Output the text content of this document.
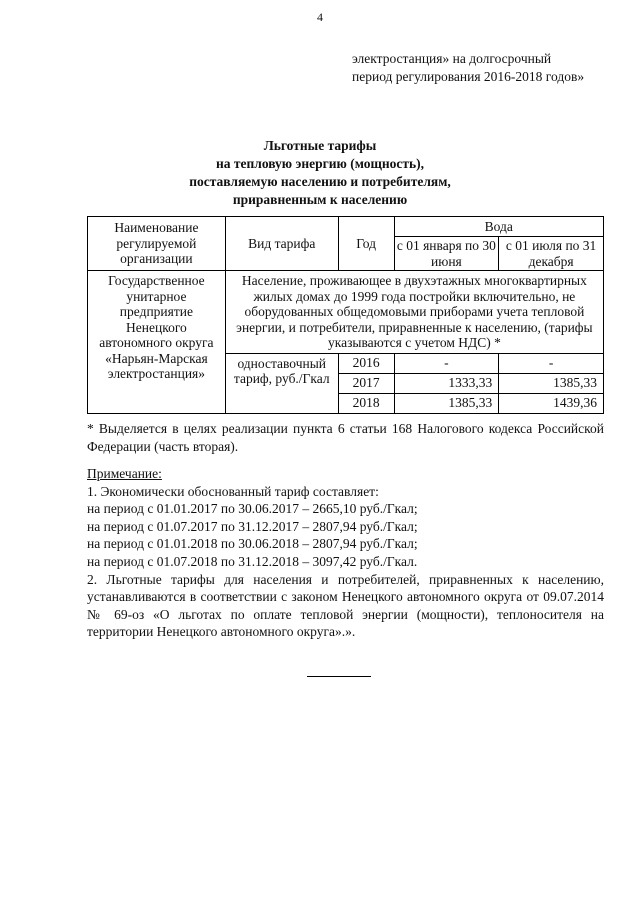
4
электростанция» на долгосрочный
период регулирования 2016-2018 годов»
Льготные тарифы
на тепловую энергию (мощность),
поставляемую населению и потребителям,
приравненным к населению
Наименование регулируемой организации	Вид тарифа	Год	Вода	
			с 01 января по 30 июня	с 01 июля по 31 декабря
Государственное унитарное предприятие Ненецкого автономного округа «Нарьян-Марская электростанция»	Население, проживающее в двухэтажных многоквартирных жилых домах до 1999 года постройки включительно, не оборудованных общедомовыми приборами учета тепловой энергии, и потребители, приравненные к населению, (тарифы указываются с учетом НДС) *			
	одноставочный тариф, руб./Гкал	2016	-	-
		2017	1333,33	1385,33
		2018	1385,33	1439,36
* Выделяется в целях реализации пункта 6 статьи 168 Налогового кодекса Российской Федерации (часть вторая).
Примечание:
1. Экономически обоснованный тариф составляет:
на период с 01.01.2017 по 30.06.2017 – 2665,10 руб./Гкал;
на период с 01.07.2017 по 31.12.2017 – 2807,94 руб./Гкал;
на период с 01.01.2018 по 30.06.2018 – 2807,94 руб./Гкал;
на период с 01.07.2018 по 31.12.2018 – 3097,42 руб./Гкал.
2. Льготные тарифы для населения и потребителей, приравненных к населению, устанавливаются в соответствии с законом Ненецкого автономного округа от 09.07.2014 № 69-оз «О льготах по оплате тепловой энергии (мощности), теплоносителя на территории Ненецкого автономного округа».».
